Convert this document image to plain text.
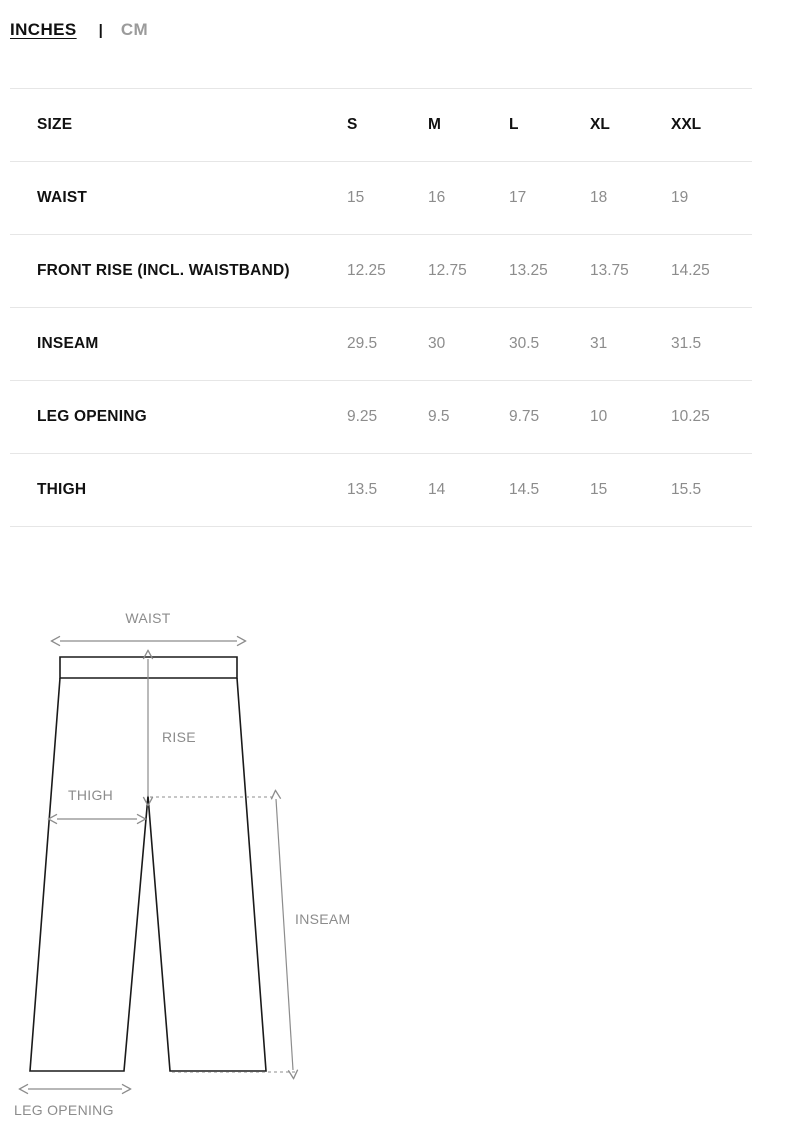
INCHES | CM
SIZE	S	M	L	XL	XXL
WAIST	15	16	17	18	19
FRONT RISE (INCL. WAISTBAND)	12.25	12.75	13.25	13.75	14.25
INSEAM	29.5	30	30.5	31	31.5
LEG OPENING	9.25	9.5	9.75	10	10.25
THIGH	13.5	14	14.5	15	15.5
WAIST
RISE
THIGH
INSEAM
LEG OPENING
